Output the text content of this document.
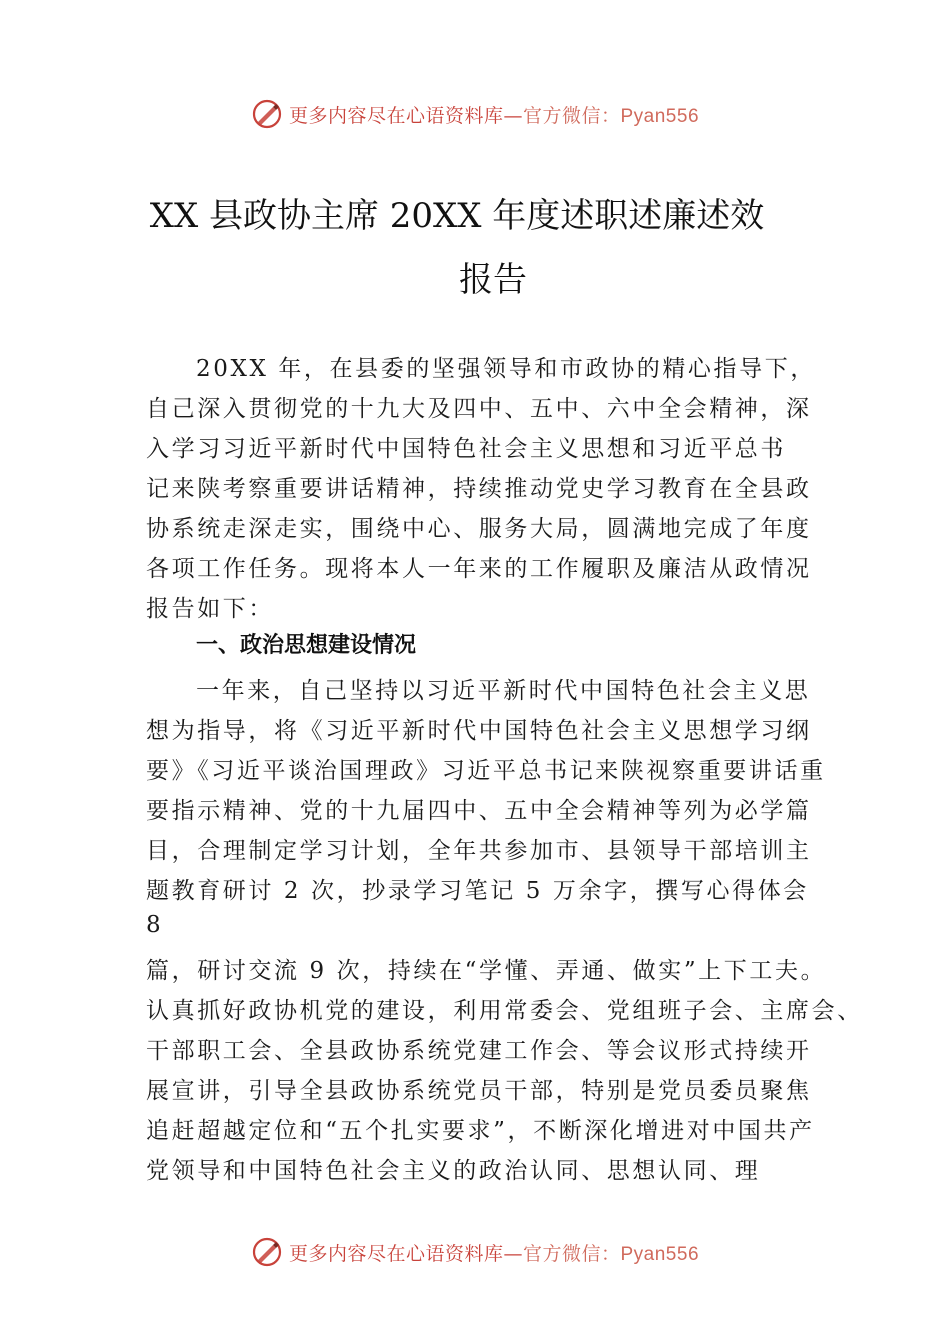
更多内容尽在心语资料库—官方微信：Pyan556
XX 县政协主席 20XX 年度述职述廉述效
报告
20XX 年，在县委的坚强领导和市政协的精心指导下，
自己深入贯彻党的十九大及四中、五中、六中全会精神，深
入学习习近平新时代中国特色社会主义思想和习近平总书
记来陕考察重要讲话精神，持续推动党史学习教育在全县政
协系统走深走实，围绕中心、服务大局，圆满地完成了年度
各项工作任务。现将本人一年来的工作履职及廉洁从政情况
报告如下：
一、政治思想建设情况
一年来，自己坚持以习近平新时代中国特色社会主义思
想为指导，将《习近平新时代中国特色社会主义思想学习纲
要》《习近平谈治国理政》习近平总书记来陕视察重要讲话重
要指示精神、党的十九届四中、五中全会精神等列为必学篇
目，合理制定学习计划，全年共参加市、县领导干部培训主
题教育研讨 2 次，抄录学习笔记 5 万余字，撰写心得体会
8
篇，研讨交流 9 次，持续在“学懂、弄通、做实”上下工夫。
认真抓好政协机党的建设，利用常委会、党组班子会、主席会、
干部职工会、全县政协系统党建工作会、等会议形式持续开
展宣讲，引导全县政协系统党员干部，特别是党员委员聚焦
追赶超越定位和“五个扎实要求”，不断深化增进对中国共产
党领导和中国特色社会主义的政治认同、思想认同、理
更多内容尽在心语资料库—官方微信：Pyan556
